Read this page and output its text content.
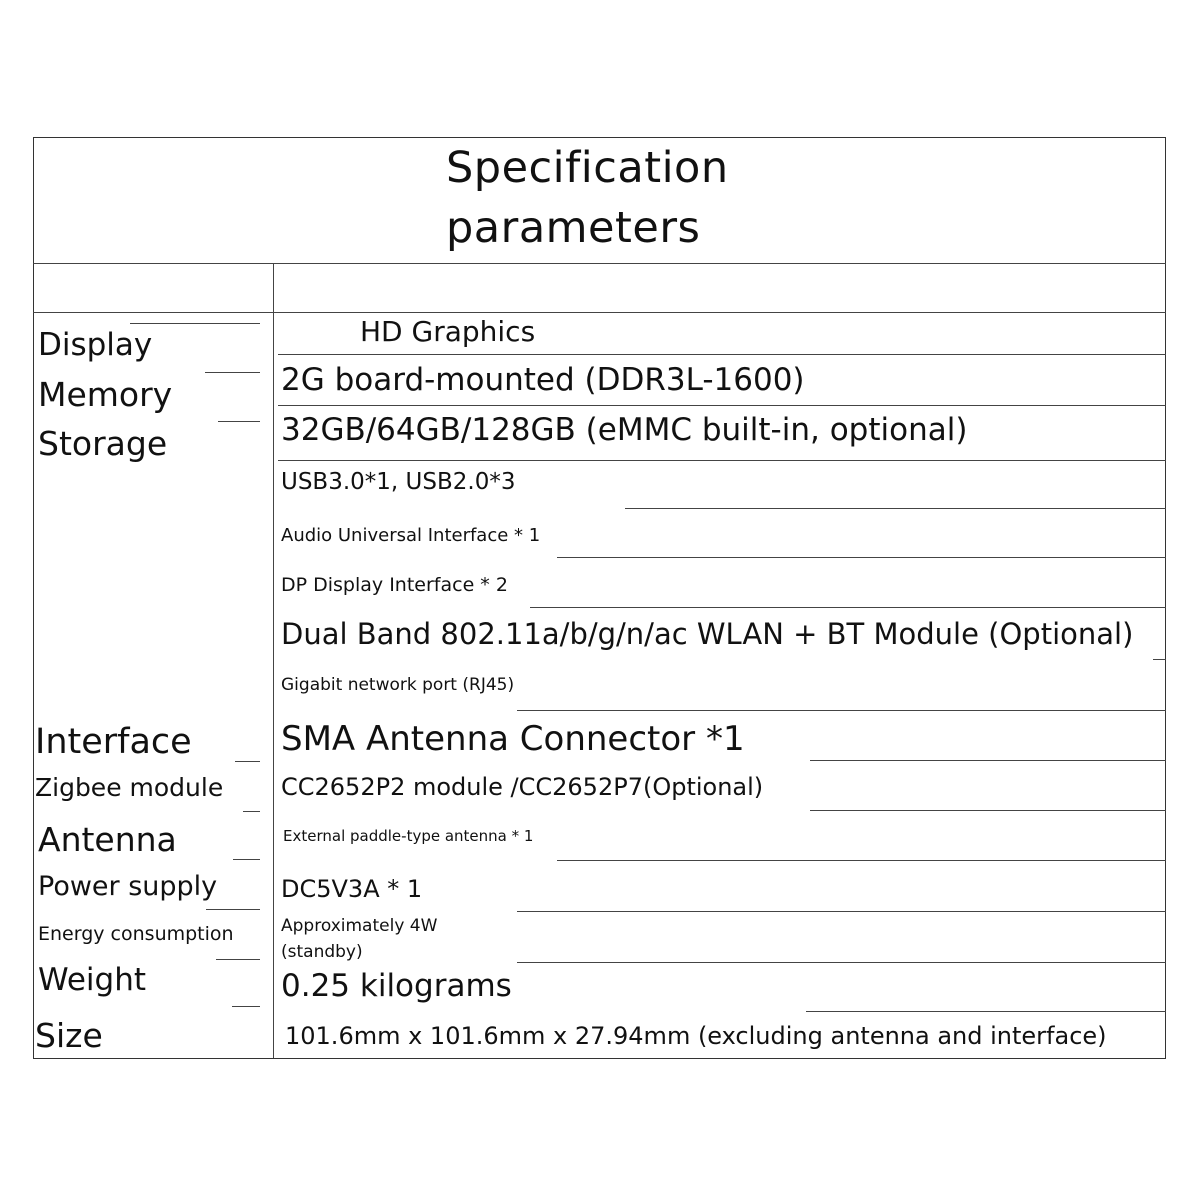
Specification
parameters
Display
Memory
Storage
Interface
Zigbee module
Antenna
Power supply
Energy consumption
Weight
Size
HD Graphics
2G board-mounted (DDR3L-1600)
32GB/64GB/128GB (eMMC built-in, optional)
USB3.0*1, USB2.0*3
Audio Universal Interface * 1
DP Display Interface * 2
Dual Band 802.11a/b/g/n/ac WLAN + BT Module (Optional)
Gigabit network port (RJ45)
SMA Antenna Connector *1
CC2652P2 module /CC2652P7(Optional)
External paddle-type antenna * 1
DC5V3A * 1
Approximately 4W
(standby)
0.25 kilograms
101.6mm x 101.6mm x 27.94mm (excluding antenna and interface)
